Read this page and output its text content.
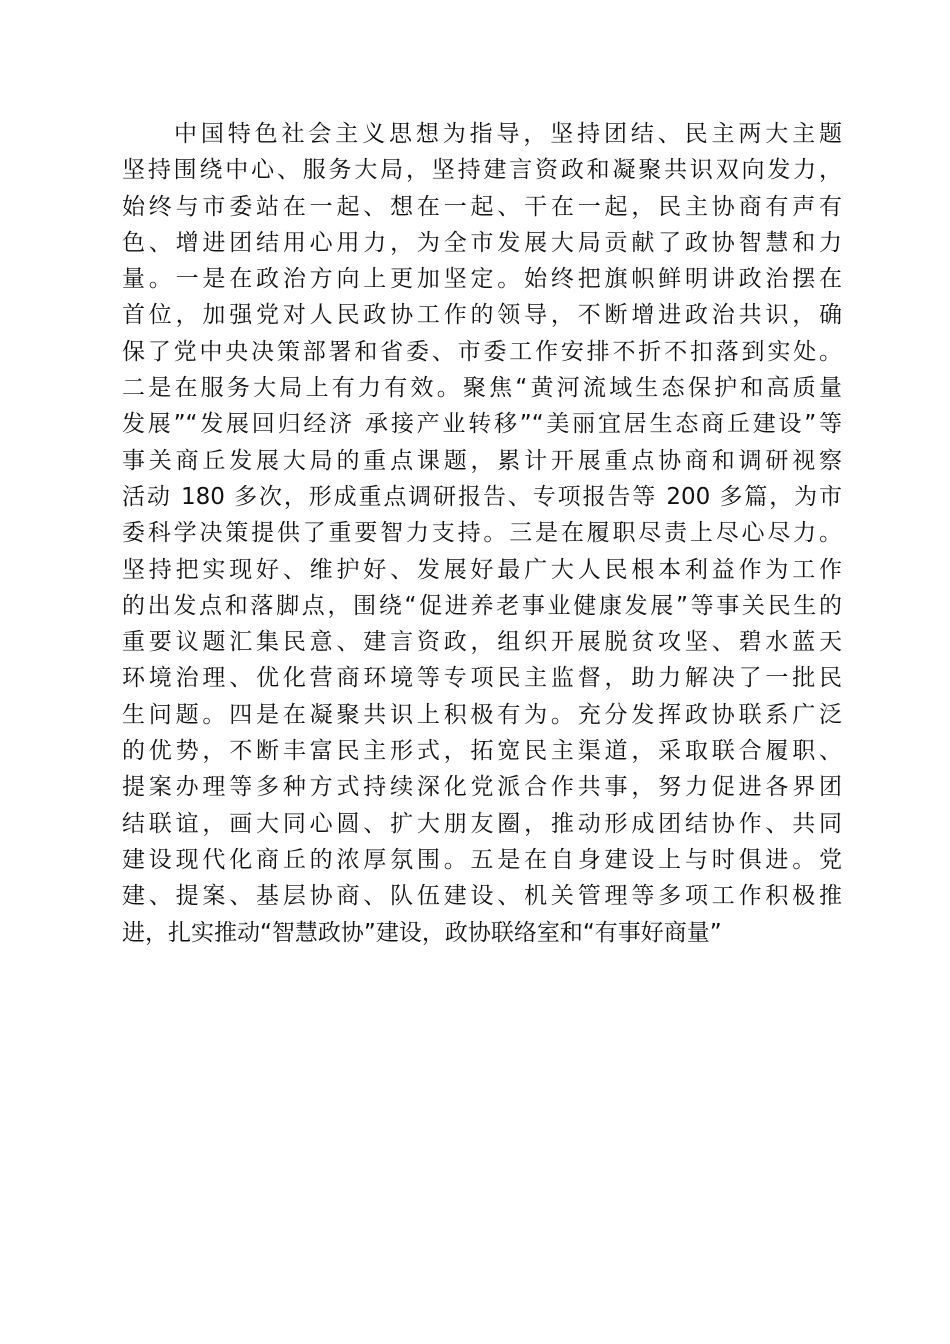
中国特色社会主义思想为指导，坚持团结、民主两大主题
坚持围绕中心、服务大局，坚持建言资政和凝聚共识双向发力，
始终与市委站在一起、想在一起、干在一起，民主协商有声有
色、增进团结用心用力，为全市发展大局贡献了政协智慧和力
量。一是在政治方向上更加坚定。始终把旗帜鲜明讲政治摆在
首位，加强党对人民政协工作的领导，不断增进政治共识，确
保了党中央决策部署和省委、市委工作安排不折不扣落到实处。
二是在服务大局上有力有效。聚焦“黄河流域生态保护和高质量
发展”“发展回归经济 承接产业转移”“美丽宜居生态商丘建设”等
事关商丘发展大局的重点课题，累计开展重点协商和调研视察
活动 180 多次，形成重点调研报告、专项报告等 200 多篇，为市
委科学决策提供了重要智力支持。三是在履职尽责上尽心尽力。
坚持把实现好、维护好、发展好最广大人民根本利益作为工作
的出发点和落脚点，围绕“促进养老事业健康发展”等事关民生的
重要议题汇集民意、建言资政，组织开展脱贫攻坚、碧水蓝天
环境治理、优化营商环境等专项民主监督，助力解决了一批民
生问题。四是在凝聚共识上积极有为。充分发挥政协联系广泛
的优势，不断丰富民主形式，拓宽民主渠道，采取联合履职、
提案办理等多种方式持续深化党派合作共事，努力促进各界团
结联谊，画大同心圆、扩大朋友圈，推动形成团结协作、共同
建设现代化商丘的浓厚氛围。五是在自身建设上与时俱进。党
建、提案、基层协商、队伍建设、机关管理等多项工作积极推
进，扎实推动“智慧政协”建设，政协联络室和“有事好商量”
